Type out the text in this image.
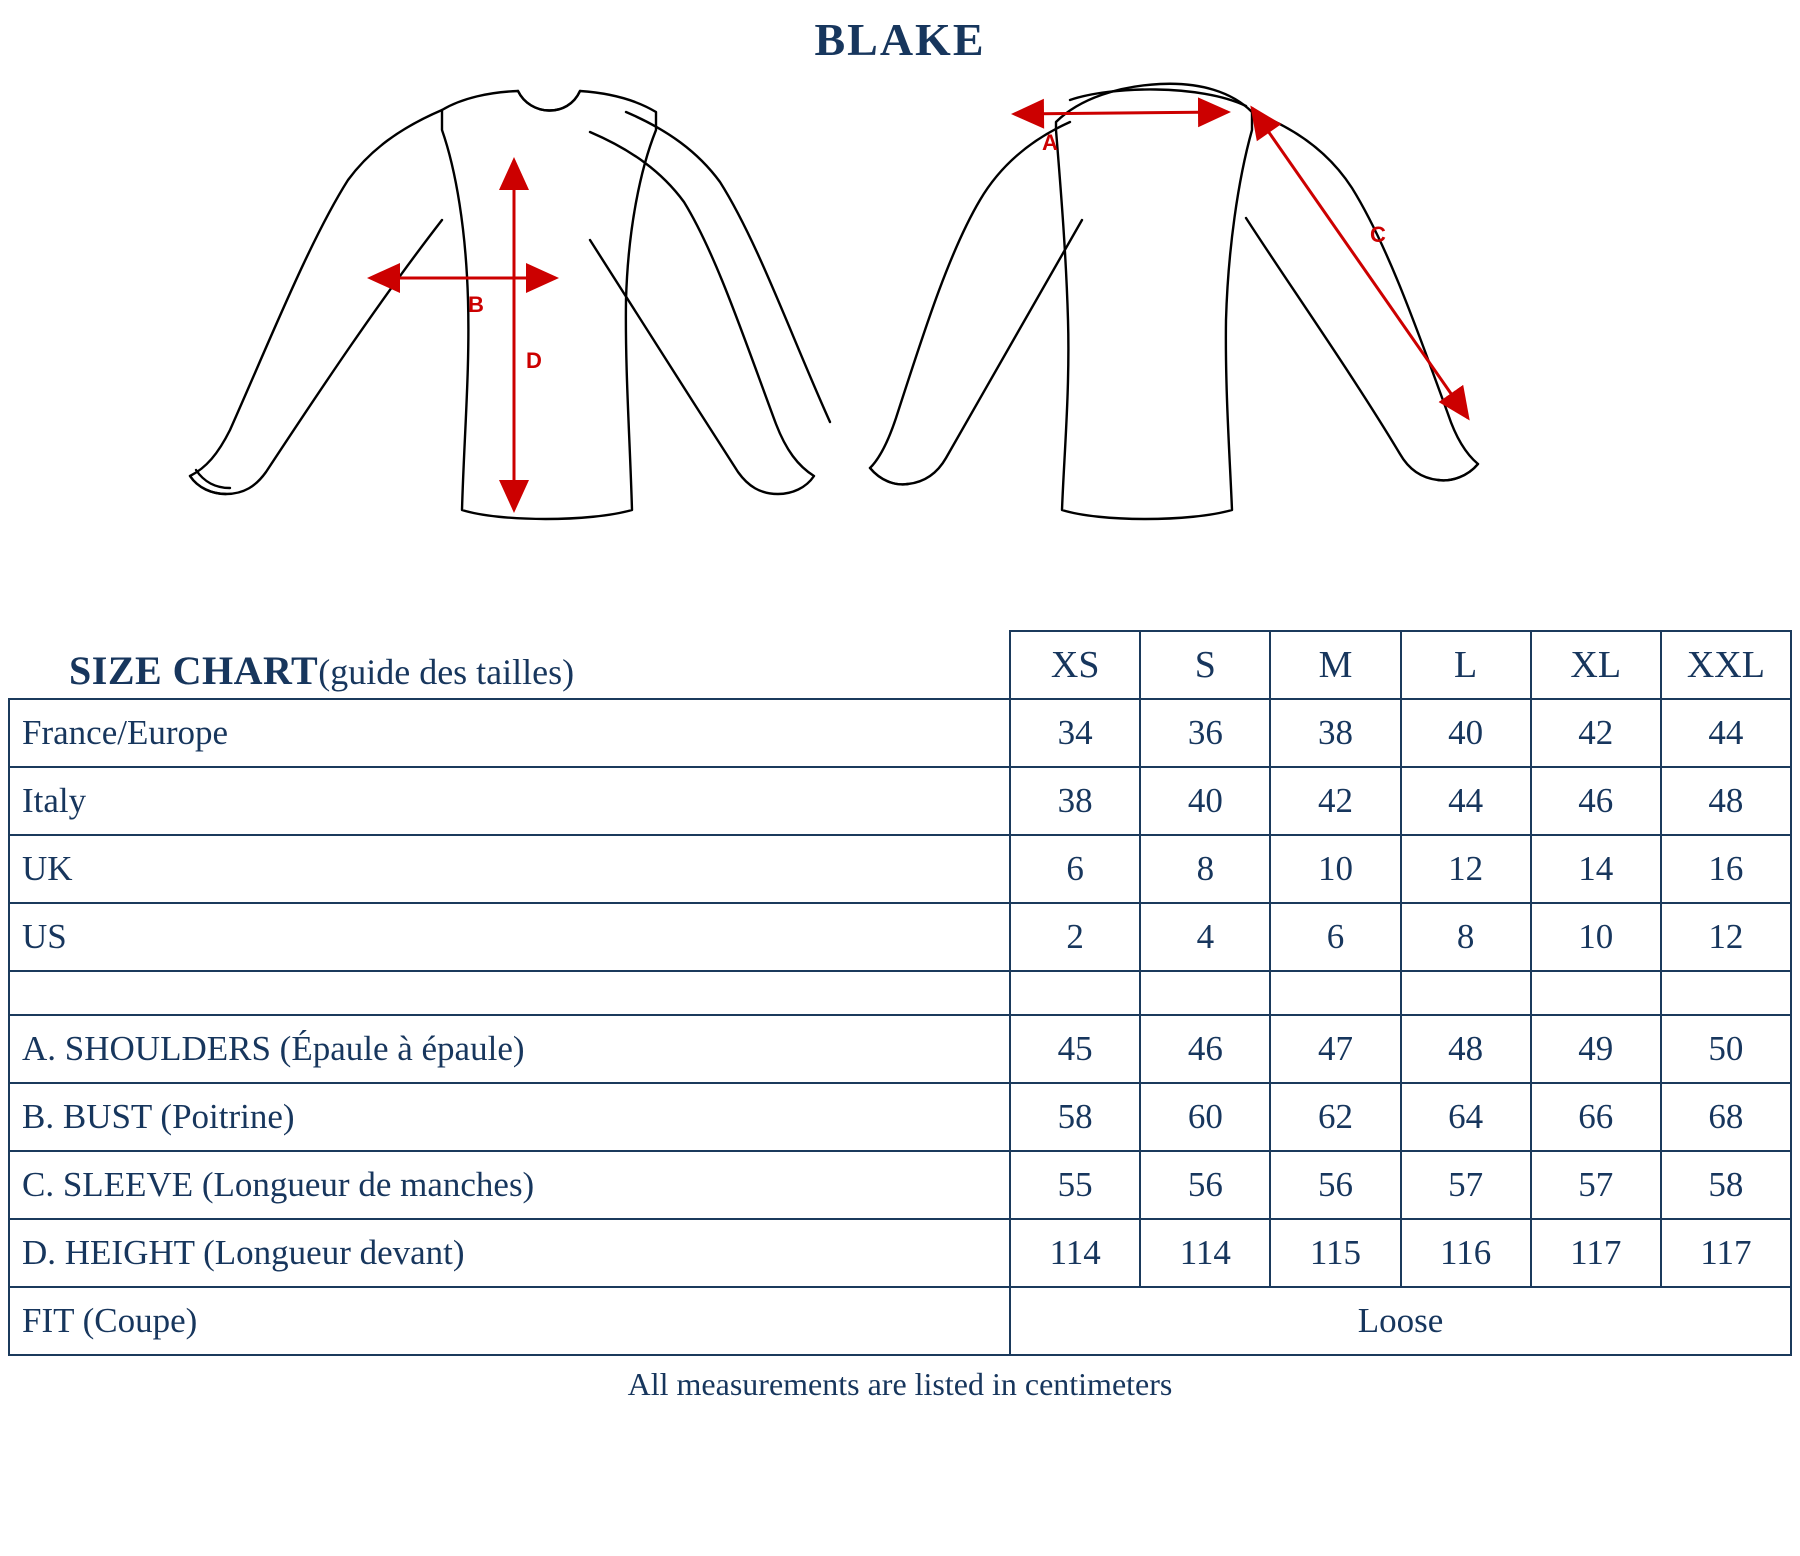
BLAKE
B
D
A
C
SIZE CHART(guide des tailles)	XS	S	M	L	XL	XXL
France/Europe	34	36	38	40	42	44
Italy	38	40	42	44	46	48
UK	6	8	10	12	14	16
US	2	4	6	8	10	12

A. SHOULDERS (Épaule à épaule)	45	46	47	48	49	50
B. BUST (Poitrine)	58	60	62	64	66	68
C. SLEEVE (Longueur de manches)	55	56	56	57	57	58
D. HEIGHT (Longueur devant)	114	114	115	116	117	117
FIT (Coupe)	Loose					
All measurements are listed in centimeters
